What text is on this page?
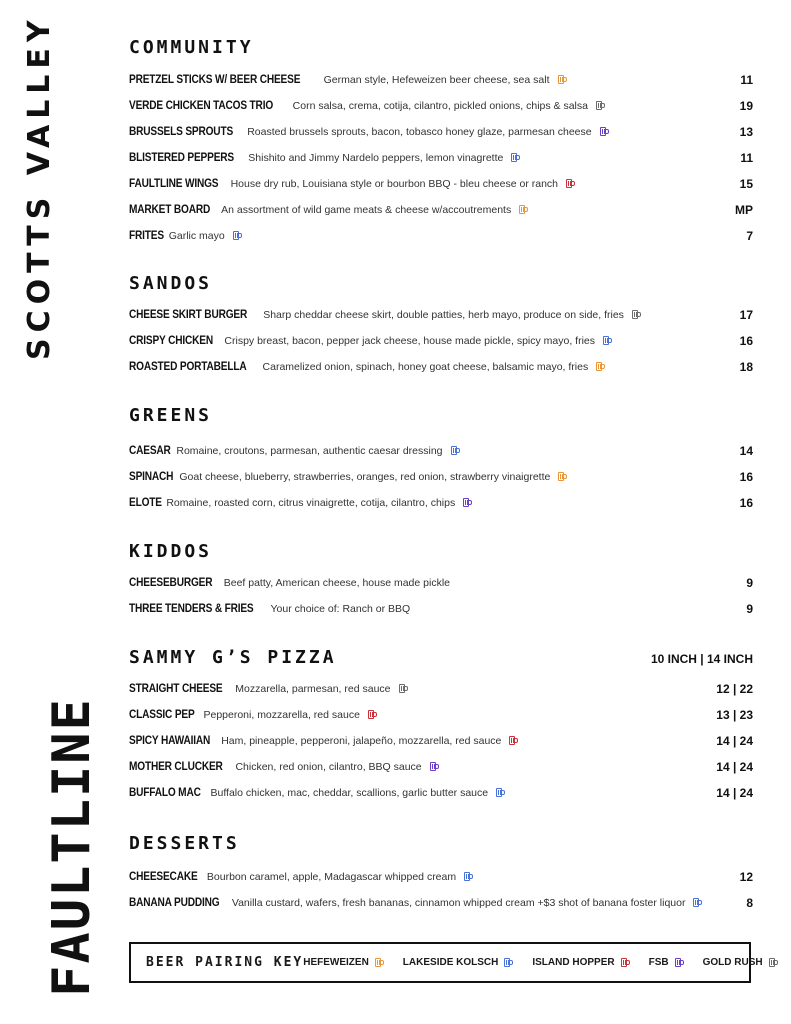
SCOTTS VALLEY
FAULTLINE
COMMUNITY
PRETZEL STICKS W/ BEER CHEESE German style, Hefeweizen beer cheese, sea salt	11
VERDE CHICKEN TACOS TRIO Corn salsa, crema, cotija, cilantro, pickled onions, chips & salsa	19
BRUSSELS SPROUTS Roasted brussels sprouts, bacon, tobasco honey glaze, parmesan cheese	13
BLISTERED PEPPERS Shishito and Jimmy Nardelo peppers, lemon vinagrette	11
FAULTLINE WINGS House dry rub, Louisiana style or bourbon BBQ - bleu cheese or ranch	15
MARKET BOARD An assortment of wild game meats & cheese w/accoutrements	MP
FRITES Garlic mayo	7
SANDOS
CHEESE SKIRT BURGER Sharp cheddar cheese skirt, double patties, herb mayo, produce on side, fries	17
CRISPY CHICKEN Crispy breast, bacon, pepper jack cheese, house made pickle, spicy mayo, fries	16
ROASTED PORTABELLA Caramelized onion, spinach, honey goat cheese, balsamic mayo, fries	18
GREENS
CAESAR Romaine, croutons, parmesan, authentic caesar dressing	14
SPINACH Goat cheese, blueberry, strawberries, oranges, red onion, strawberry vinaigrette	16
ELOTE Romaine, roasted corn, citrus vinaigrette, cotija, cilantro, chips	16
KIDDOS
CHEESEBURGER Beef patty, American cheese, house made pickle	9
THREE TENDERS & FRIES Your choice of: Ranch or BBQ	9
SAMMY G’S PIZZA	10 INCH | 14 INCH
STRAIGHT CHEESE Mozzarella, parmesan, red sauce	12 | 22
CLASSIC PEP Pepperoni, mozzarella, red sauce	13 | 23
SPICY HAWAIIAN Ham, pineapple, pepperoni, jalapeño, mozzarella, red sauce	14 | 24
MOTHER CLUCKER Chicken, red onion, cilantro, BBQ sauce	14 | 24
BUFFALO MAC Buffalo chicken, mac, cheddar, scallions, garlic butter sauce	14 | 24
DESSERTS
CHEESECAKE Bourbon caramel, apple, Madagascar whipped cream	12
BANANA PUDDING Vanilla custard, wafers, fresh bananas, cinnamon whipped cream +$3 shot of banana foster liquor	8
BEER PAIRING KEY HEFEWEIZEN	LAKESIDE KOLSCH	ISLAND HOPPER	FSB	GOLD RUSH
